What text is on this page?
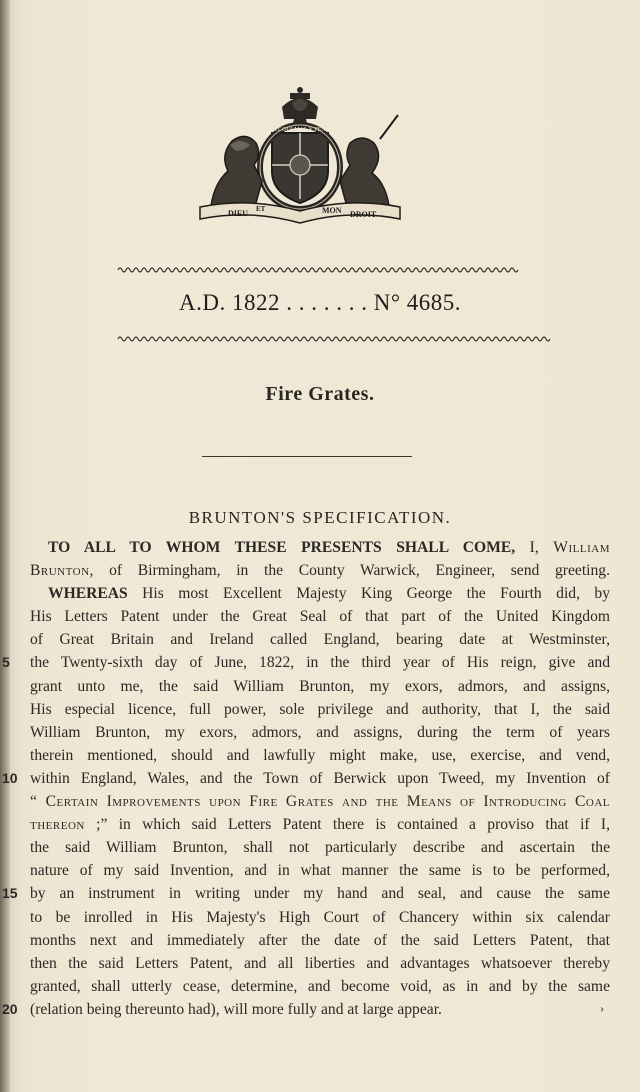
SOIT QUI MAL Y PENSE
DIEU ET	MON DROIT
A.D. 1822 . . . . . . . N° 4685.
Fire Grates.
BRUNTON'S SPECIFICATION.
TO ALL TO WHOM THESE PRESENTS SHALL COME, I, William
Brunton, of Birmingham, in the County Warwick, Engineer, send greeting.
WHEREAS His most Excellent Majesty King George the Fourth did, by
His Letters Patent under the Great Seal of that part of the United Kingdom
of Great Britain and Ireland called England, bearing date at Westminster,
5	the Twenty-sixth day of June, 1822, in the third year of His reign, give and
grant unto me, the said William Brunton, my exors, admors, and assigns,
His especial licence, full power, sole privilege and authority, that I, the said
William Brunton, my exors, admors, and assigns, during the term of years
therein mentioned, should and lawfully might make, use, exercise, and vend,
10 within England, Wales, and the Town of Berwick upon Tweed, my Invention of
“ Certain Improvements upon Fire Grates and the Means of Introducing Coal
thereon ;” in which said Letters Patent there is contained a proviso that if I,
the said William Brunton, shall not particularly describe and ascertain the
nature of my said Invention, and in what manner the same is to be performed,
15 by an instrument in writing under my hand and seal, and cause the same
to be inrolled in His Majesty's High Court of Chancery within six calendar
months next and immediately after the date of the said Letters Patent, that
then the said Letters Patent, and all liberties and advantages whatsoever thereby
granted, shall utterly cease, determine, and become void, as in and by the same
20 (relation being thereunto had), will more fully and at large appear.	›
